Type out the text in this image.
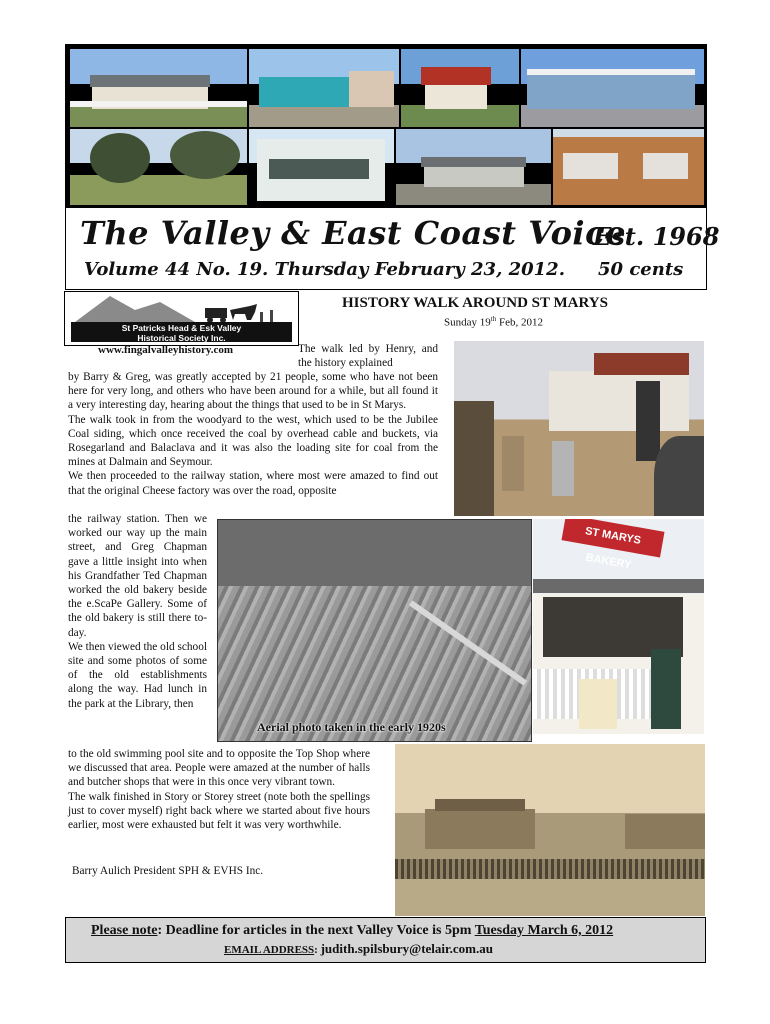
The Valley & East Coast Voice
Est. 1968
Volume 44 No. 19. Thursday February 23, 2012. 50 cents
St Patricks Head & Esk Valley
Historical Society Inc.
www.fingalvalleyhistory.com
HISTORY WALK AROUND ST MARYS
Sunday 19th Feb, 2012
The walk led by Henry, and the history explained
by Barry & Greg, was greatly accepted by 21 people, some who have not been here for very long, and others who have been around for a while, but all found it a very interesting day, hearing about the things that used to be in St Marys.
The walk took in from the woodyard to the west, which used to be the Jubilee Coal siding, which once received the coal by overhead cable and buckets, via Rosegarland and Balaclava and it was also the loading site for coal from the mines at Dalmain and Seymour.
We then proceeded to the railway station, where most were amazed to find out that the original Cheese factory was over the road, opposite
the railway station. Then we worked our way up the main street, and Greg Chapman gave a little insight into when his Grandfather Ted Chapman worked the old bakery beside the e.ScaPe Gallery. Some of the old bakery is still there to-day.
We then viewed the old school site and some photos of some of the old establishments along the way. Had lunch in the park at the Library, then
to the old swimming pool site and to opposite the Top Shop where we discussed that area. People were amazed at the number of halls and butcher shops that were in this once very vibrant town.
The walk finished in Story or Storey street (note both the spellings just to cover myself) right back where we started about five hours earlier, most were exhausted but felt it was very worthwhile.
Barry Aulich President SPH & EVHS Inc.
Aerial photo taken in the early 1920s
ST MARYS BAKERY
Please note: Deadline for articles in the next Valley Voice is 5pm Tuesday March 6, 2012
EMAIL ADDRESS: judith.spilsbury@telair.com.au
